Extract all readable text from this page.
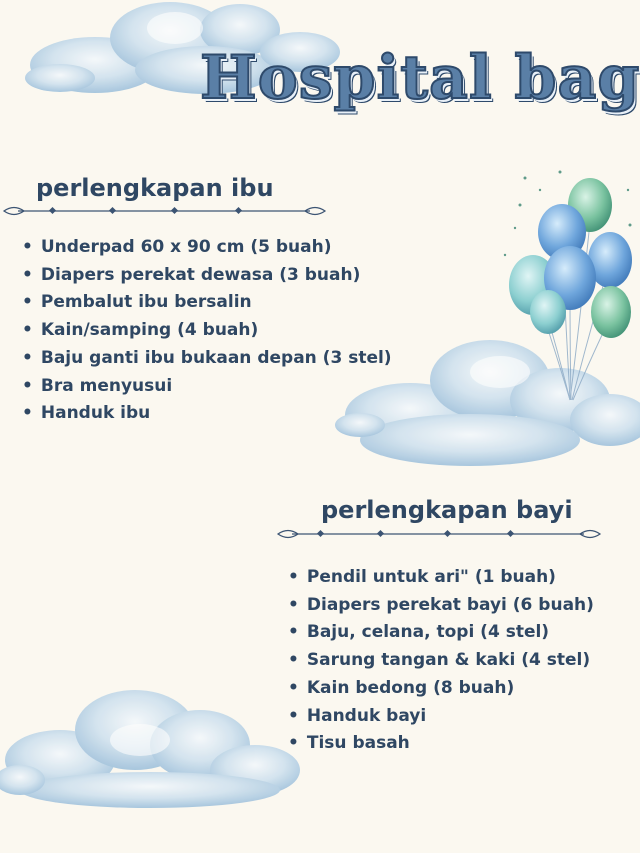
Hospital bag
perlengkapan ibu
• Underpad 60 x 90 cm (5 buah)
• Diapers perekat dewasa (3 buah)
• Pembalut ibu bersalin
• Kain/samping (4 buah)
• Baju ganti ibu bukaan depan (3 stel)
• Bra menyusui
• Handuk ibu
perlengkapan bayi
• Pendil untuk ari" (1 buah)
• Diapers perekat bayi (6 buah)
• Baju, celana, topi (4 stel)
• Sarung tangan & kaki (4 stel)
• Kain bedong (8 buah)
• Handuk bayi
• Tisu basah
